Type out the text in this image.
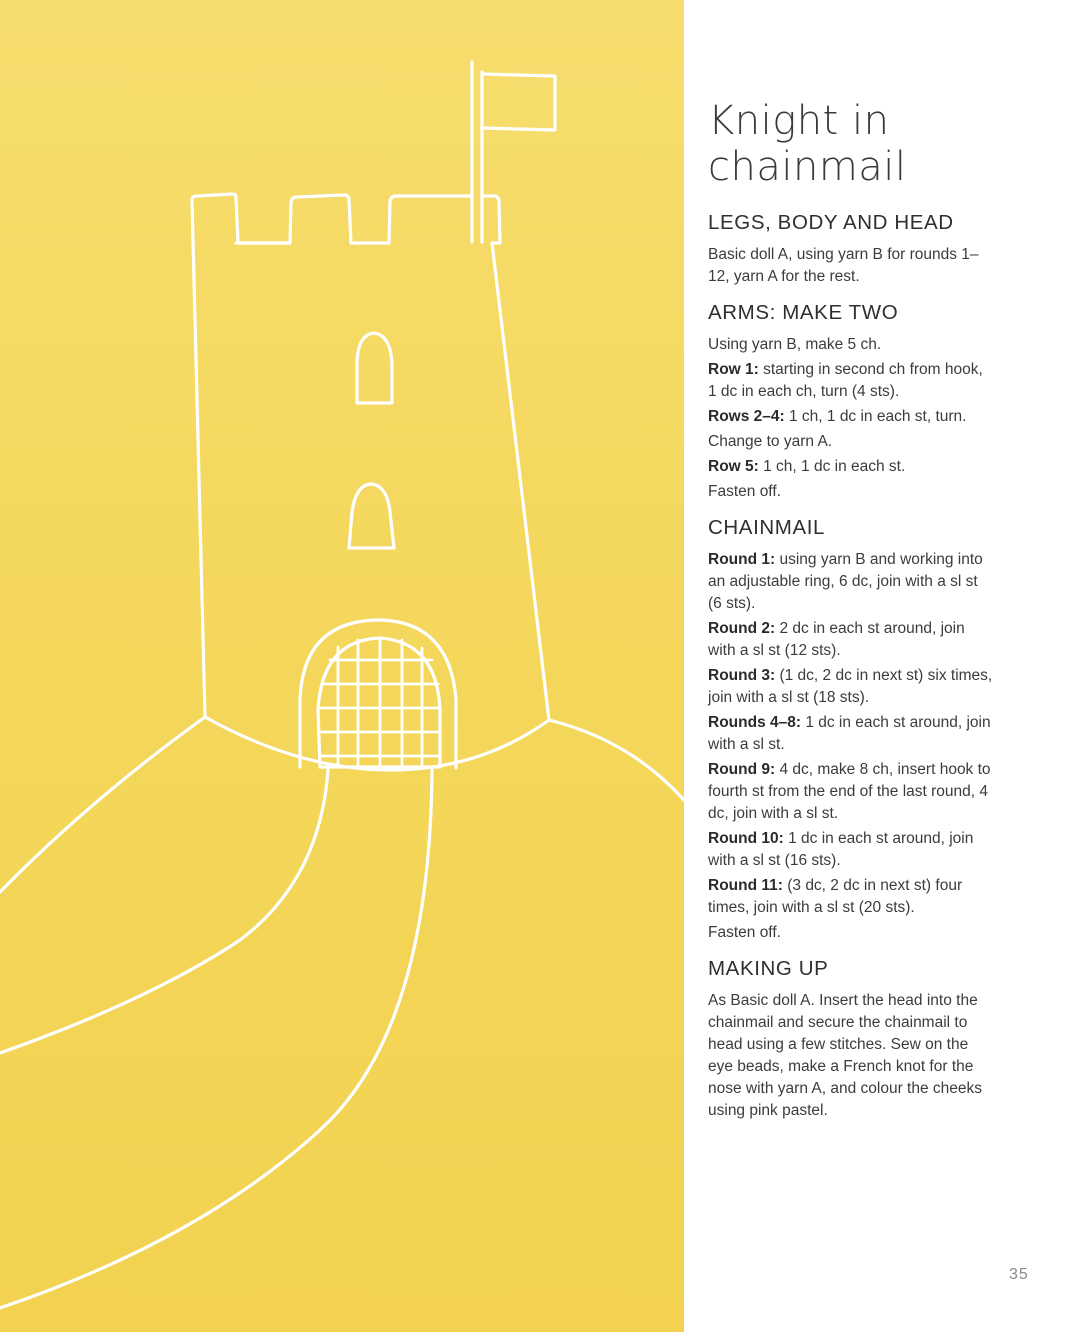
Knight in
chainmail
LEGS, BODY AND HEAD

Basic doll A, using yarn B for rounds 1–12, yarn A for the rest.

ARMS: MAKE TWO

Using yarn B, make 5 ch.

Row 1: starting in second ch from hook, 1 dc in each ch, turn (4 sts).

Rows 2–4: 1 ch, 1 dc in each st, turn.

Change to yarn A.

Row 5: 1 ch, 1 dc in each st.

Fasten off.

CHAINMAIL

Round 1: using yarn B and working into an adjustable ring, 6 dc, join with a sl st (6 sts).

Round 2: 2 dc in each st around, join with a sl st (12 sts).

Round 3: (1 dc, 2 dc in next st) six times, join with a sl st (18 sts).

Rounds 4–8: 1 dc in each st around, join with a sl st.

Round 9: 4 dc, make 8 ch, insert hook to fourth st from the end of the last round, 4 dc, join with a sl st.

Round 10: 1 dc in each st around, join with a sl st (16 sts).

Round 11: (3 dc, 2 dc in next st) four times, join with a sl st (20 sts).

Fasten off.

MAKING UP

As Basic doll A. Insert the head into the chainmail and secure the chainmail to head using a few stitches. Sew on the eye beads, make a French knot for the nose with yarn A, and colour the cheeks using pink pastel.

35
